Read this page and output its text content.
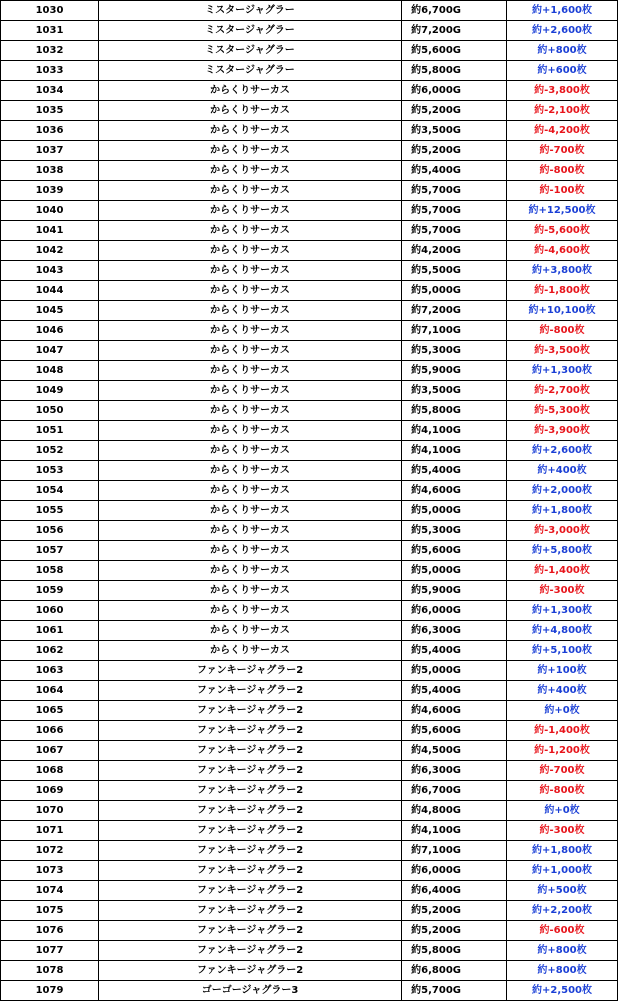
1030	ミスタージャグラー	約6,700G	約+1,600枚
1031	ミスタージャグラー	約7,200G	約+2,600枚
1032	ミスタージャグラー	約5,600G	約+800枚
1033	ミスタージャグラー	約5,800G	約+600枚
1034	からくりサーカス	約6,000G	約-3,800枚
1035	からくりサーカス	約5,200G	約-2,100枚
1036	からくりサーカス	約3,500G	約-4,200枚
1037	からくりサーカス	約5,200G	約-700枚
1038	からくりサーカス	約5,400G	約-800枚
1039	からくりサーカス	約5,700G	約-100枚
1040	からくりサーカス	約5,700G	約+12,500枚
1041	からくりサーカス	約5,700G	約-5,600枚
1042	からくりサーカス	約4,200G	約-4,600枚
1043	からくりサーカス	約5,500G	約+3,800枚
1044	からくりサーカス	約5,000G	約-1,800枚
1045	からくりサーカス	約7,200G	約+10,100枚
1046	からくりサーカス	約7,100G	約-800枚
1047	からくりサーカス	約5,300G	約-3,500枚
1048	からくりサーカス	約5,900G	約+1,300枚
1049	からくりサーカス	約3,500G	約-2,700枚
1050	からくりサーカス	約5,800G	約-5,300枚
1051	からくりサーカス	約4,100G	約-3,900枚
1052	からくりサーカス	約4,100G	約+2,600枚
1053	からくりサーカス	約5,400G	約+400枚
1054	からくりサーカス	約4,600G	約+2,000枚
1055	からくりサーカス	約5,000G	約+1,800枚
1056	からくりサーカス	約5,300G	約-3,000枚
1057	からくりサーカス	約5,600G	約+5,800枚
1058	からくりサーカス	約5,000G	約-1,400枚
1059	からくりサーカス	約5,900G	約-300枚
1060	からくりサーカス	約6,000G	約+1,300枚
1061	からくりサーカス	約6,300G	約+4,800枚
1062	からくりサーカス	約5,400G	約+5,100枚
1063	ファンキージャグラー2	約5,000G	約+100枚
1064	ファンキージャグラー2	約5,400G	約+400枚
1065	ファンキージャグラー2	約4,600G	約+0枚
1066	ファンキージャグラー2	約5,600G	約-1,400枚
1067	ファンキージャグラー2	約4,500G	約-1,200枚
1068	ファンキージャグラー2	約6,300G	約-700枚
1069	ファンキージャグラー2	約6,700G	約-800枚
1070	ファンキージャグラー2	約4,800G	約+0枚
1071	ファンキージャグラー2	約4,100G	約-300枚
1072	ファンキージャグラー2	約7,100G	約+1,800枚
1073	ファンキージャグラー2	約6,000G	約+1,000枚
1074	ファンキージャグラー2	約6,400G	約+500枚
1075	ファンキージャグラー2	約5,200G	約+2,200枚
1076	ファンキージャグラー2	約5,200G	約-600枚
1077	ファンキージャグラー2	約5,800G	約+800枚
1078	ファンキージャグラー2	約6,800G	約+800枚
1079	ゴーゴージャグラー3	約5,700G	約+2,500枚
